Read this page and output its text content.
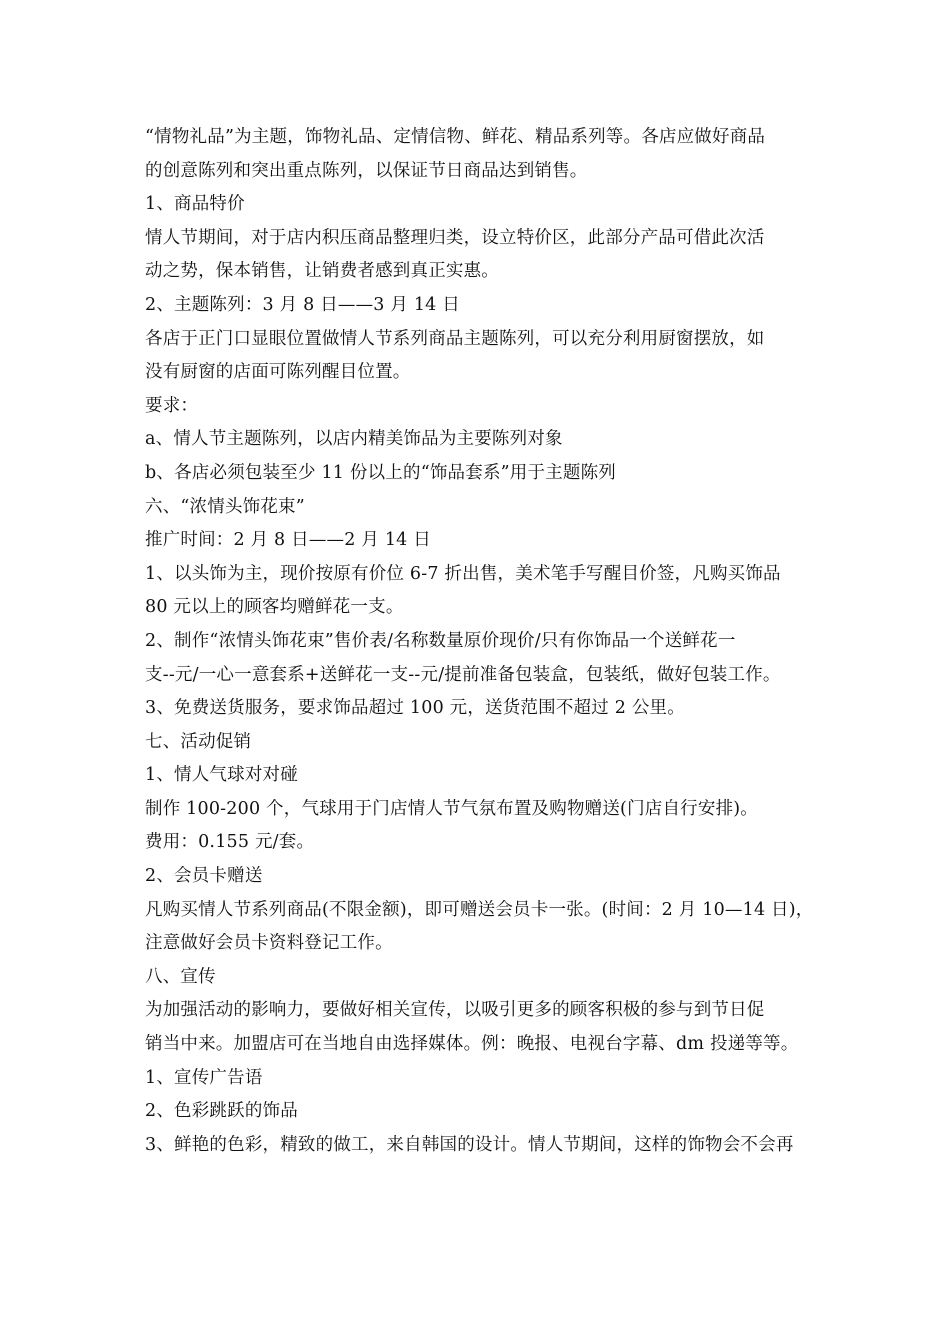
“情物礼品”为主题，饰物礼品、定情信物、鲜花、精品系列等。各店应做好商品
的创意陈列和突出重点陈列，以保证节日商品达到销售。
1、商品特价
情人节期间，对于店内积压商品整理归类，设立特价区，此部分产品可借此次活
动之势，保本销售，让销费者感到真正实惠。
2、主题陈列：3 月 8 日——3 月 14 日
各店于正门口显眼位置做情人节系列商品主题陈列，可以充分利用厨窗摆放，如
没有厨窗的店面可陈列醒目位置。
要求：
a、情人节主题陈列，以店内精美饰品为主要陈列对象
b、各店必须包装至少 11 份以上的“饰品套系”用于主题陈列
六、“浓情头饰花束”
推广时间：2 月 8 日——2 月 14 日
1、以头饰为主，现价按原有价位 6-7 折出售，美术笔手写醒目价签，凡购买饰品
80 元以上的顾客均赠鲜花一支。
2、制作“浓情头饰花束”售价表/名称数量原价现价/只有你饰品一个送鲜花一
支--元/一心一意套系+送鲜花一支--元/提前准备包装盒，包装纸，做好包装工作。
3、免费送货服务，要求饰品超过 100 元，送货范围不超过 2 公里。
七、活动促销
1、情人气球对对碰
制作 100-200 个，气球用于门店情人节气氛布置及购物赠送(门店自行安排)。
费用：0.155 元/套。
2、会员卡赠送
凡购买情人节系列商品(不限金额)，即可赠送会员卡一张。(时间：2 月 10—14 日)，
注意做好会员卡资料登记工作。
八、宣传
为加强活动的影响力，要做好相关宣传，以吸引更多的顾客积极的参与到节日促
销当中来。加盟店可在当地自由选择媒体。例：晚报、电视台字幕、dm 投递等等。
1、宣传广告语
2、色彩跳跃的饰品
3、鲜艳的色彩，精致的做工，来自韩国的设计。情人节期间，这样的饰物会不会再
